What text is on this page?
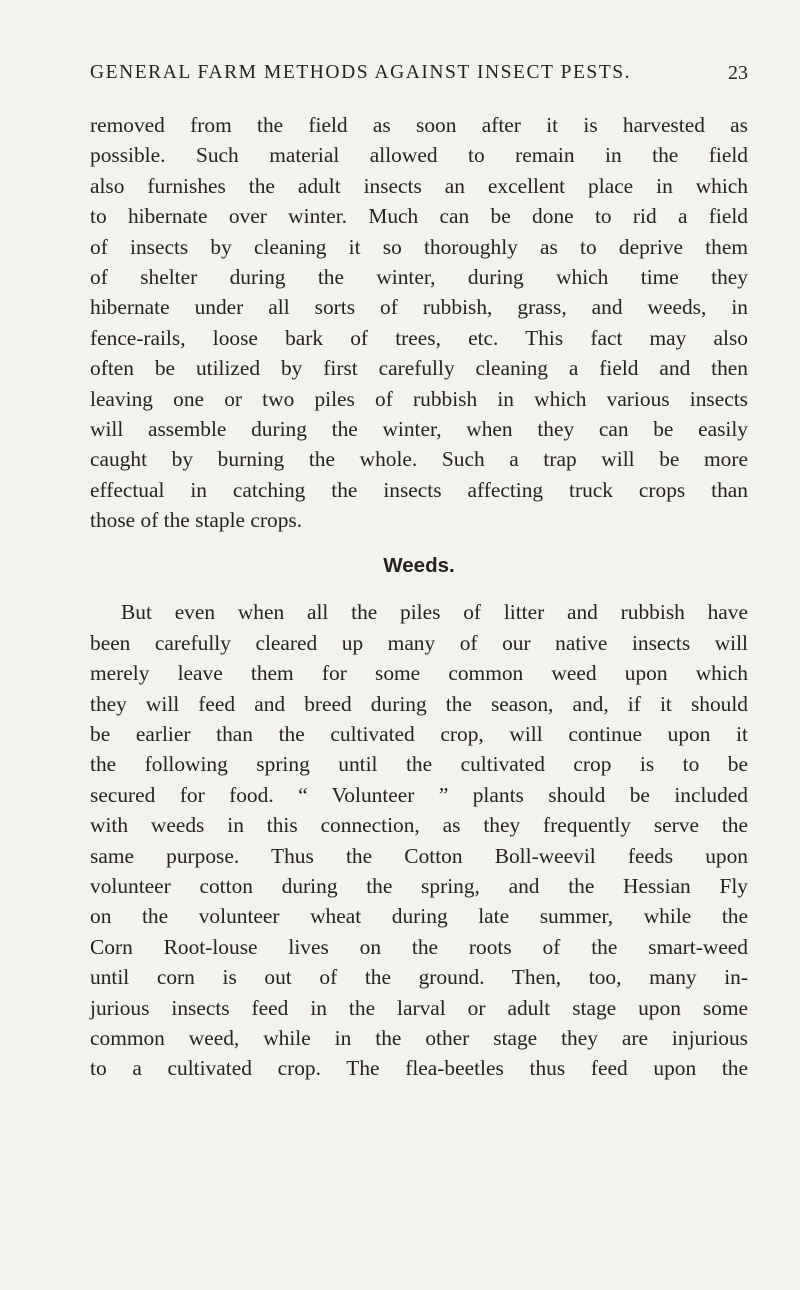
GENERAL FARM METHODS AGAINST INSECT PESTS.	23
removed from the field as soon after it is harvested as
possible. Such material allowed to remain in the field
also furnishes the adult insects an excellent place in which
to hibernate over winter. Much can be done to rid a field
of insects by cleaning it so thoroughly as to deprive them
of shelter during the winter, during which time they
hibernate under all sorts of rubbish, grass, and weeds, in
fence-rails, loose bark of trees, etc. This fact may also
often be utilized by first carefully cleaning a field and then
leaving one or two piles of rubbish in which various insects
will assemble during the winter, when they can be easily
caught by burning the whole. Such a trap will be more
effectual in catching the insects affecting truck crops than
those of the staple crops.
Weeds.
But even when all the piles of litter and rubbish have
been carefully cleared up many of our native insects will
merely leave them for some common weed upon which
they will feed and breed during the season, and, if it should
be earlier than the cultivated crop, will continue upon it
the following spring until the cultivated crop is to be
secured for food. “ Volunteer ” plants should be included
with weeds in this connection, as they frequently serve the
same purpose. Thus the Cotton Boll-weevil feeds upon
volunteer cotton during the spring, and the Hessian Fly
on the volunteer wheat during late summer, while the
Corn Root-louse lives on the roots of the smart-weed
until corn is out of the ground. Then, too, many in-
jurious insects feed in the larval or adult stage upon some
common weed, while in the other stage they are injurious
to a cultivated crop. The flea-beetles thus feed upon the
